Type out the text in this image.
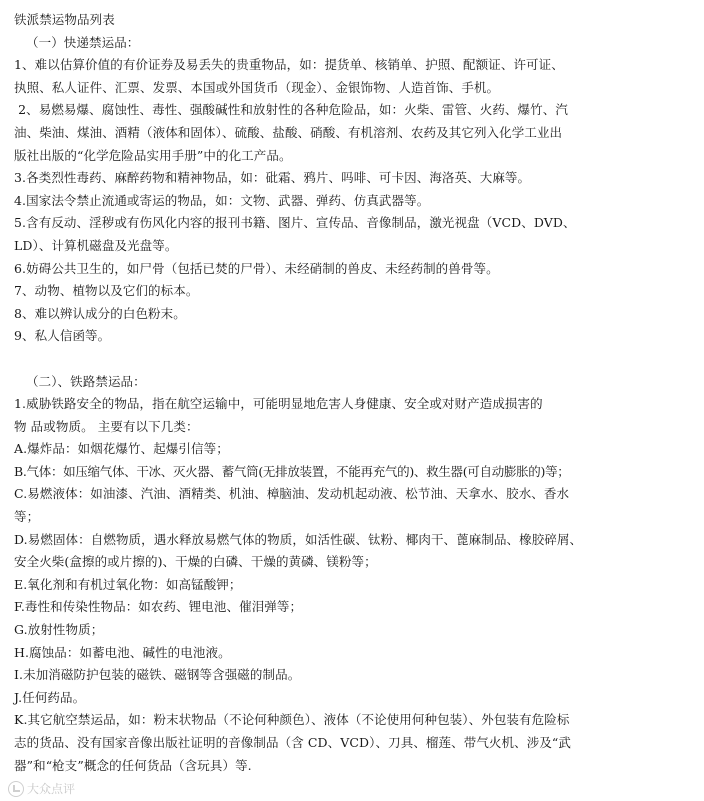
铁派禁运物品列表
（一）快递禁运品：
1、难以估算价值的有价证券及易丢失的贵重物品，如：提货单、核销单、护照、配额证、许可证、
执照、私人证件、汇票、发票、本国或外国货币（现金）、金银饰物、人造首饰、手机。
2、易燃易爆、腐蚀性、毒性、强酸碱性和放射性的各种危险品，如：火柴、雷管、火药、爆竹、汽
油、柴油、煤油、酒精（液体和固体）、硫酸、盐酸、硝酸、有机溶剂、农药及其它列入化学工业出
版社出版的“化学危险品实用手册”中的化工产品。
3.各类烈性毒药、麻醉药物和精神物品，如：砒霜、鸦片、吗啡、可卡因、海洛英、大麻等。
4.国家法令禁止流通或寄运的物品，如：文物、武器、弹药、仿真武器等。
5.含有反动、淫秽或有伤风化内容的报刊书籍、图片、宣传品、音像制品，激光视盘（VCD、DVD、
LD）、计算机磁盘及光盘等。
6.妨碍公共卫生的，如尸骨（包括已焚的尸骨）、未经硝制的兽皮、未经药制的兽骨等。
7、动物、植物以及它们的标本。
8、难以辨认成分的白色粉末。
9、私人信函等。
（二）、铁路禁运品：
1.威胁铁路安全的物品，指在航空运输中，可能明显地危害人身健康、安全或对财产造成损害的
物 品或物质。 主要有以下几类：
A.爆炸品：如烟花爆竹、起爆引信等；
B.气体：如压缩气体、干冰、灭火器、蓄气筒(无排放装置，不能再充气的)、救生器(可自动膨胀的)等；
C.易燃液体：如油漆、汽油、酒精类、机油、樟脑油、发动机起动液、松节油、天拿水、胶水、香水
等；
D.易燃固体：自燃物质，遇水释放易燃气体的物质，如活性碳、钛粉、椰肉干、蓖麻制品、橡胶碎屑、
安全火柴(盒擦的或片擦的)、干燥的白磷、干燥的黄磷、镁粉等；
E.氧化剂和有机过氧化物：如高锰酸钾；
F.毒性和传染性物品：如农药、锂电池、催泪弹等；
G.放射性物质；
H.腐蚀品：如蓄电池、碱性的电池液。
I.未加消磁防护包装的磁铁、磁钢等含强磁的制品。
J.任何药品。
K.其它航空禁运品，如：粉末状物品（不论何种颜色）、液体（不论使用何种包装）、外包装有危险标
志的货品、没有国家音像出版社证明的音像制品（含 CD、VCD）、刀具、榴莲、带气火机、涉及“武
器”和“枪支”概念的任何货品（含玩具）等.
大众点评
